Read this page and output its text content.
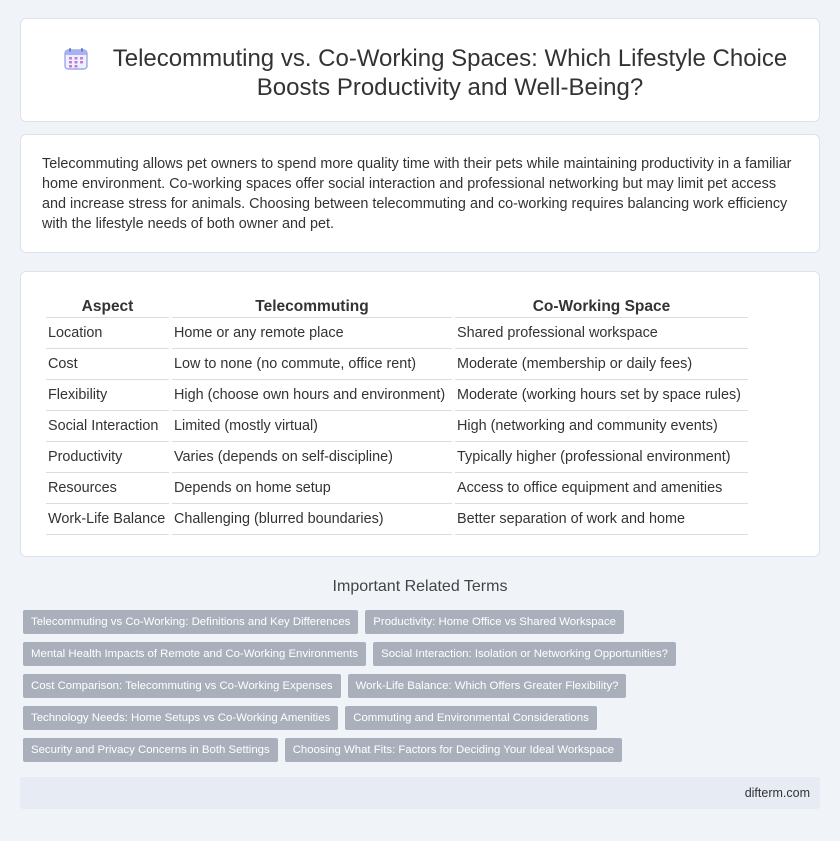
Telecommuting vs. Co-Working Spaces: Which Lifestyle Choice Boosts Productivity and Well-Being?

Telecommuting allows pet owners to spend more quality time with their pets while maintaining productivity in a familiar home environment. Co-working spaces offer social interaction and professional networking but may limit pet access and increase stress for animals. Choosing between telecommuting and co-working requires balancing work efficiency with the lifestyle needs of both owner and pet.

Aspect	Telecommuting	Co-Working Space
Location	Home or any remote place	Shared professional workspace
Cost	Low to none (no commute, office rent)	Moderate (membership or daily fees)
Flexibility	High (choose own hours and environment)	Moderate (working hours set by space rules)
Social Interaction	Limited (mostly virtual)	High (networking and community events)
Productivity	Varies (depends on self-discipline)	Typically higher (professional environment)
Resources	Depends on home setup	Access to office equipment and amenities
Work-Life Balance	Challenging (blurred boundaries)	Better separation of work and home
Important Related Terms
Telecommuting vs Co-Working: Definitions and Key Differences	Productivity: Home Office vs Shared Workspace
Mental Health Impacts of Remote and Co-Working Environments	Social Interaction: Isolation or Networking Opportunities?
Cost Comparison: Telecommuting vs Co-Working Expenses	Work-Life Balance: Which Offers Greater Flexibility?
Technology Needs: Home Setups vs Co-Working Amenities	Commuting and Environmental Considerations
Security and Privacy Concerns in Both Settings	Choosing What Fits: Factors for Deciding Your Ideal Workspace
difterm.com
